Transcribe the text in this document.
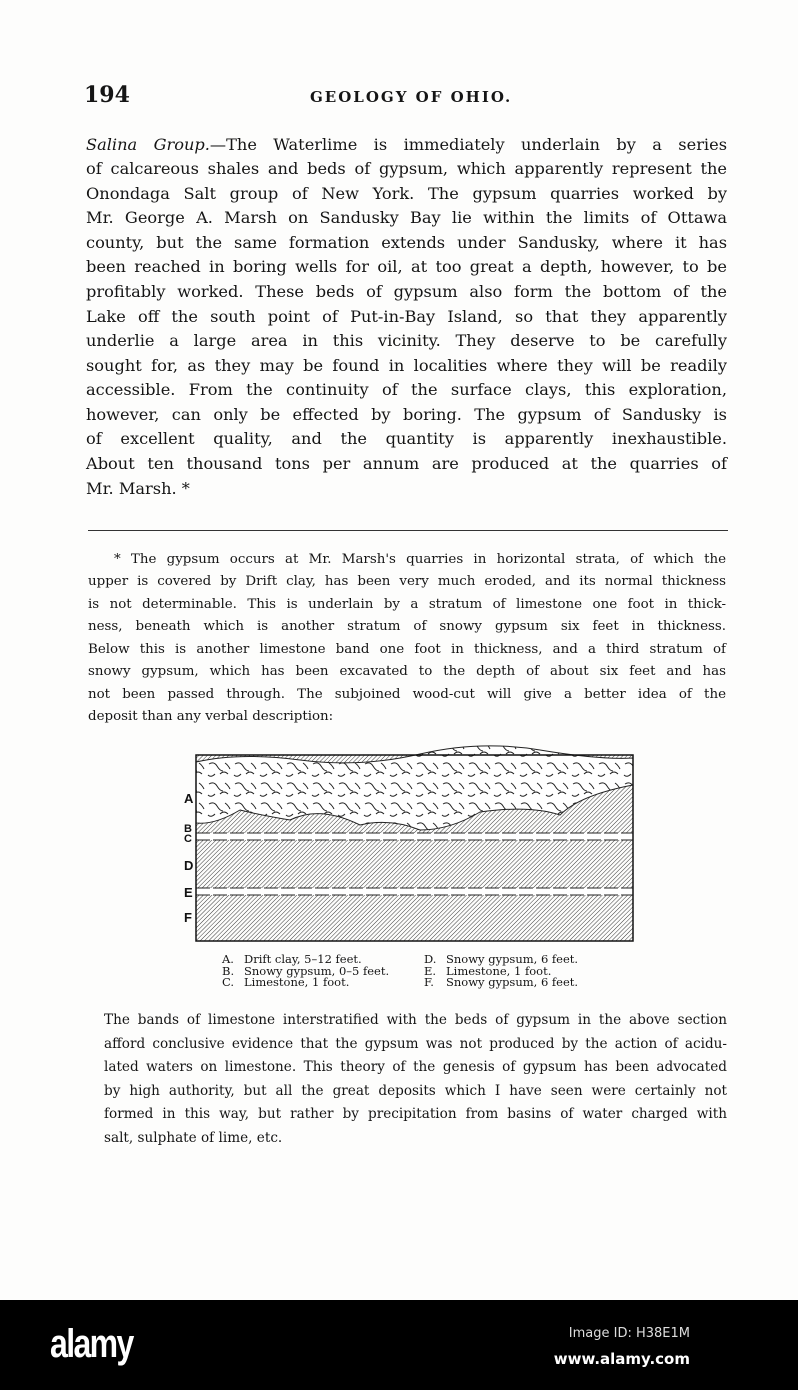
194	GEOLOGY OF OHIO.
Salina Group.—The Waterlime is immediately underlain by a series
of calcareous shales and beds of gypsum, which apparently represent the
Onondaga Salt group of New York. The gypsum quarries worked by
Mr. George A. Marsh on Sandusky Bay lie within the limits of Ottawa
county, but the same formation extends under Sandusky, where it has
been reached in boring wells for oil, at too great a depth, however, to be
profitably worked. These beds of gypsum also form the bottom of the
Lake off the south point of Put-in-Bay Island, so that they apparently
underlie a large area in this vicinity. They deserve to be carefully
sought for, as they may be found in localities where they will be readily
accessible. From the continuity of the surface clays, this exploration,
however, can only be effected by boring. The gypsum of Sandusky is
of excellent quality, and the quantity is apparently inexhaustible.
About ten thousand tons per annum are produced at the quarries of
Mr. Marsh. *
* The gypsum occurs at Mr. Marsh's quarries in horizontal strata, of which the
upper is covered by Drift clay, has been very much eroded, and its normal thickness
is not determinable. This is underlain by a stratum of limestone one foot in thick-
ness, beneath which is another stratum of snowy gypsum six feet in thickness.
Below this is another limestone band one foot in thickness, and a third stratum of
snowy gypsum, which has been excavated to the depth of about six feet and has
not been passed through. The subjoined wood-cut will give a better idea of the
deposit than any verbal description:
A
B
C
D
E
F
A. Drift clay, 5–12 feet.
B. Snowy gypsum, 0–5 feet.
C. Limestone, 1 foot.
D. Snowy gypsum, 6 feet.
E. Limestone, 1 foot.
F. Snowy gypsum, 6 feet.
The bands of limestone interstratified with the beds of gypsum in the above section
afford conclusive evidence that the gypsum was not produced by the action of acidu-
lated waters on limestone. This theory of the genesis of gypsum has been advocated
by high authority, but all the great deposits which I have seen were certainly not
formed in this way, but rather by precipitation from basins of water charged with
salt, sulphate of lime, etc.
alamy	Image ID: H38E1M
www.alamy.com
